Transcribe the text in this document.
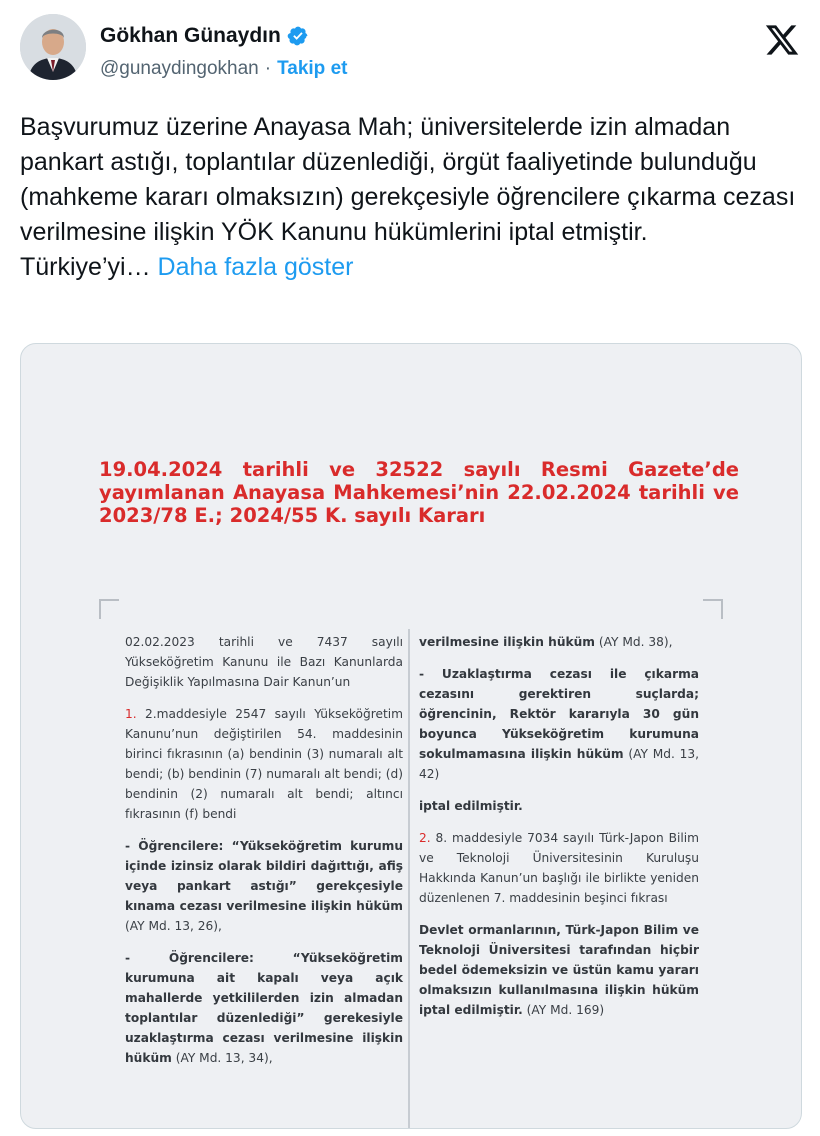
Gökhan Günaydın
@gunaydingokhan · Takip et
Başvurumuz üzerine Anayasa Mah; üniversitelerde izin almadan pankart astığı, toplantılar düzenlediği, örgüt faaliyetinde bulunduğu (mahkeme kararı olmaksızın) gerekçesiyle öğrencilere çıkarma cezası verilmesine ilişkin YÖK Kanunu hükümlerini iptal etmiştir.
Türkiye’yi… Daha fazla göster
19.04.2024 tarihli ve 32522 sayılı Resmi Gazete’de
yayımlanan Anayasa Mahkemesi’nin 22.02.2024 tarihli ve
2023/78 E.; 2024/55 K. sayılı Kararı

02.02.2023 tarihli ve 7437 sayılı Yükseköğretim Kanunu ile Bazı Kanunlarda Değişiklik Yapılmasına Dair Kanun’un

1. 2.maddesiyle 2547 sayılı Yükseköğretim Kanunu’nun değiştirilen 54. maddesinin birinci fıkrasının (a) bendinin (3) numaralı alt bendi; (b) bendinin (7) numaralı alt bendi; (d) bendinin (2) numaralı alt bendi; altıncı fıkrasının (f) bendi

- Öğrencilere: “Yükseköğretim kurumu içinde izinsiz olarak bildiri dağıttığı, afiş veya pankart astığı” gerekçesiyle kınama cezası verilmesine ilişkin hüküm (AY Md. 13, 26),

- Öğrencilere: “Yükseköğretim kurumuna ait kapalı veya açık mahallerde yetkililerden izin almadan toplantılar düzenlediği” gerekesiyle uzaklaştırma cezası verilmesine ilişkin hüküm (AY Md. 13, 34),

verilmesine ilişkin hüküm (AY Md. 38),

- Uzaklaştırma cezası ile çıkarma cezasını gerektiren suçlarda; öğrencinin, Rektör kararıyla 30 gün boyunca Yükseköğretim kurumuna sokulmamasına ilişkin hüküm (AY Md. 13, 42)

iptal edilmiştir.

2. 8. maddesiyle 7034 sayılı Türk-Japon Bilim ve Teknoloji Üniversitesinin Kuruluşu Hakkında Kanun’un başlığı ile birlikte yeniden düzenlenen 7. maddesinin beşinci fıkrası

Devlet ormanlarının, Türk-Japon Bilim ve Teknoloji Üniversitesi tarafından hiçbir bedel ödemeksizin ve üstün kamu yararı olmaksızın kullanılmasına ilişkin hüküm iptal edilmiştir. (AY Md. 169)
